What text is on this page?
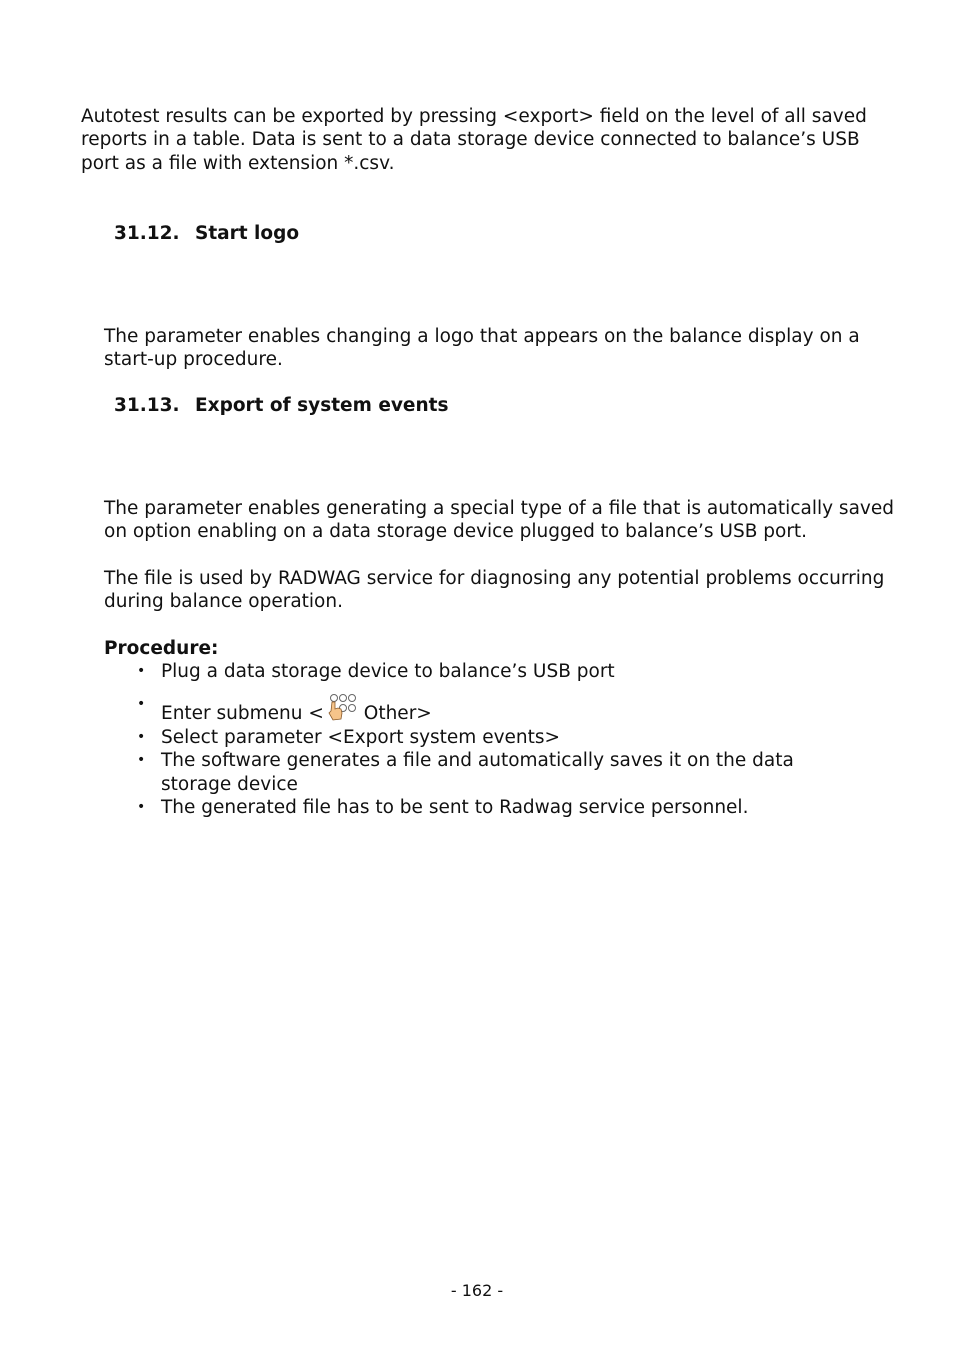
Autotest results can be exported by pressing <export> field on the level of all saved reports in a table. Data is sent to a data storage device connected to balance’s USB port as a file with extension *.csv.

31.12. Start logo

The parameter enables changing a logo that appears on the balance display on a start-up procedure.

31.13. Export of system events

The parameter enables generating a special type of a file that is automatically saved on option enabling on a data storage device plugged to balance’s USB port.

The file is used by RADWAG service for diagnosing any potential problems occurring during balance operation.

Procedure:

• Plug a data storage device to balance’s USB port
• Enter submenu < Other>
• Select parameter <Export system events>
• The software generates a file and automatically saves it on the data storage device
• The generated file has to be sent to Radwag service personnel.
- 162 -
